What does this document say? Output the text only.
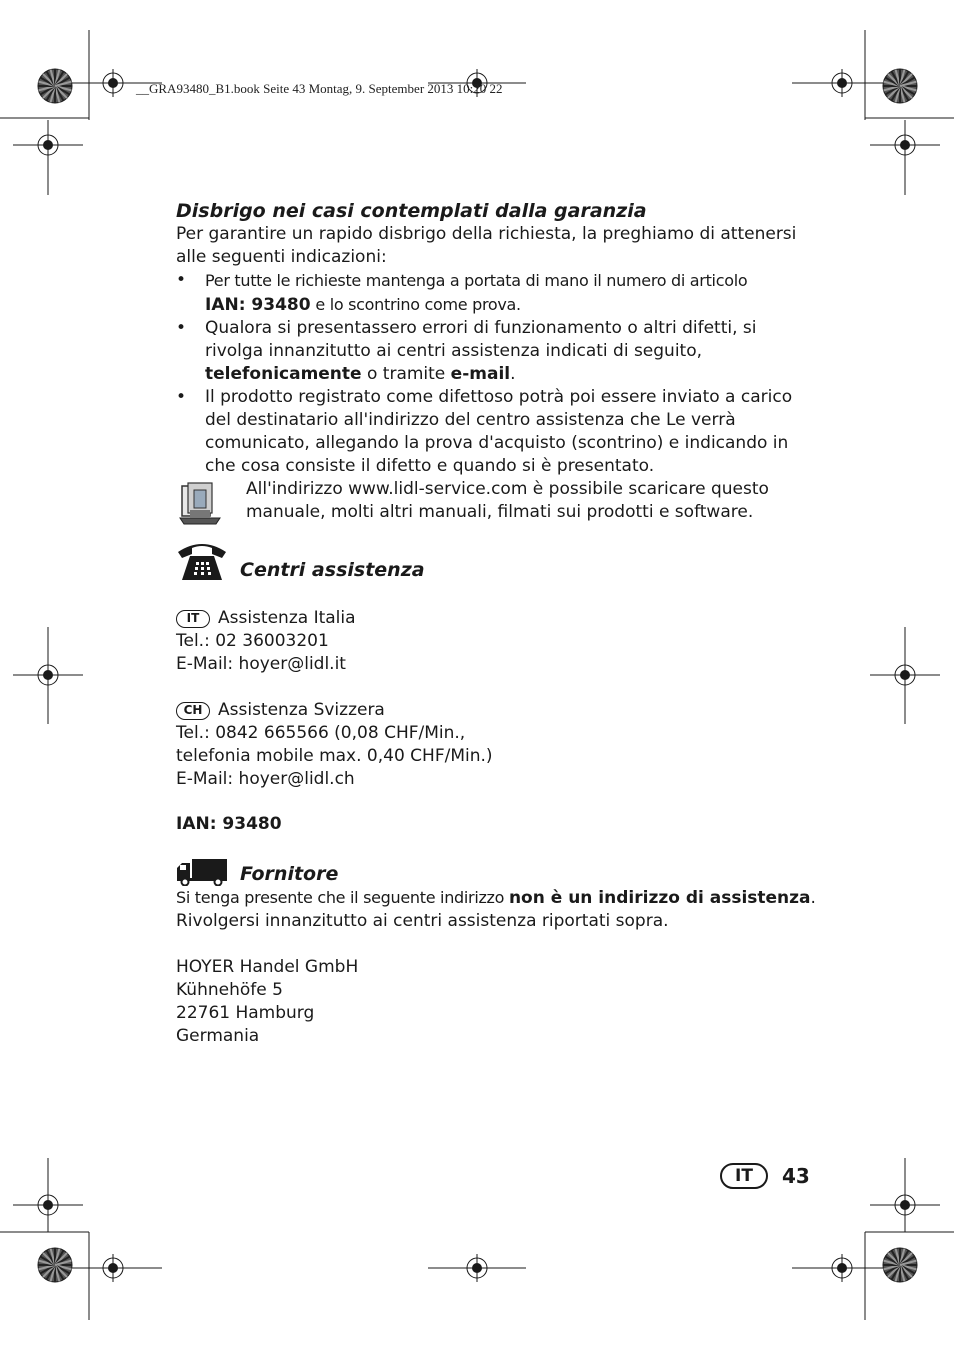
__GRA93480_B1.book Seite 43 Montag, 9. September 2013 10:20 22
Disbrigo nei casi contemplati dalla garanzia

Per garantire un rapido disbrigo della richiesta, la preghiamo di attenersi alle seguenti indicazioni:

• Per tutte le richieste mantenga a portata di mano il numero di articolo
IAN: 93480 e lo scontrino come prova.
• Qualora si presentassero errori di funzionamento o altri difetti, si rivolga innanzitutto ai centri assistenza indicati di seguito, telefonicamente o tramite e-mail.
• Il prodotto registrato come difettoso potrà poi essere inviato a carico del destinatario all'indirizzo del centro assistenza che Le verrà comunicato, allegando la prova d'acquisto (scontrino) e indicando in che cosa consiste il difetto e quando si è presentato.
All'indirizzo www.lidl-service.com è possibile scaricare questo manuale, molti altri manuali, filmati sui prodotti e software.
Centri assistenza
IT	Assistenza Italia
Tel.: 02 36003201
E-Mail: hoyer@lidl.it
CH Assistenza Svizzera
Tel.: 0842 665566 (0,08 CHF/Min.,
telefonia mobile max. 0,40 CHF/Min.)
E-Mail: hoyer@lidl.ch
IAN: 93480
Fornitore
Si tenga presente che il seguente indirizzo non è un indirizzo di assistenza.
Rivolgersi innanzitutto ai centri assistenza riportati sopra.
HOYER Handel GmbH
Kühnehöfe 5
22761 Hamburg
Germania
IT	43
